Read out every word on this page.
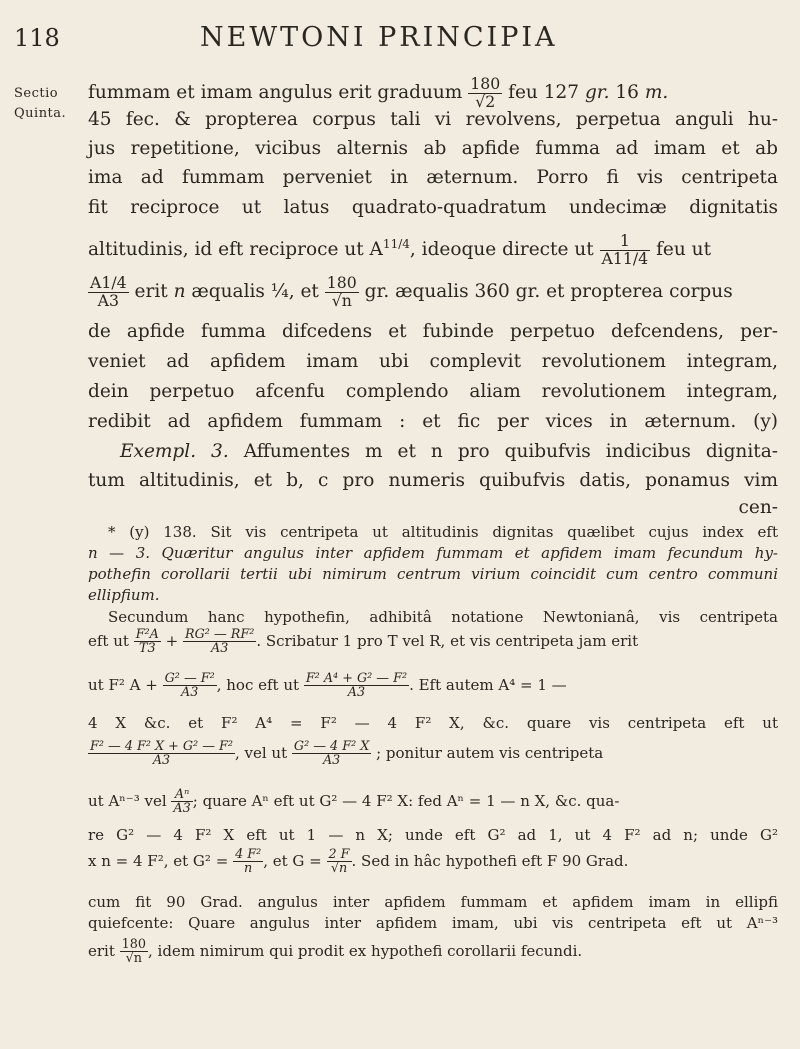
118	NEWTONI PRINCIPIA
Sectio
Quinta.
fummam et imam angulus erit graduum $\frac{180}{√2}$ feu 127 gr. 16 m.
45 fec. & propterea corpus tali vi revolvens, perpetua anguli hu-
jus repetitione, vicibus alternis ab apfide fumma ad imam et ab
ima ad fummam perveniet in æternum. Porro fi vis centripeta
fit reciproce ut latus quadrato-quadratum undecimæ dignitatis
altitudinis, id eft reciproce ut $A^{11/4}$, ideoque directe ut $\frac{1}{A11/4}$ feu ut
$\frac{A1/4}{A3}$ erit n æqualis ¼, et $\frac{180}{√n}$ gr. æqualis 360 gr. et propterea corpus
de apfide fumma difcedens et fubinde perpetuo defcendens, per-
veniet ad apfidem imam ubi complevit revolutionem integram,
dein perpetuo afcenfu complendo aliam revolutionem integram,
redibit ad apfidem fummam : et fic per vices in æternum. (y)
Exempl. 3. Affumentes m et n pro quibufvis indicibus dignita-
tum altitudinis, et b, c pro numeris quibufvis datis, ponamus vim
cen-
* (y) 138. Sit vis centripeta ut altitudinis dignitas quælibet cujus index eft
n — 3. Quæritur angulus inter apfidem fummam et apfidem imam fecundum hy-
pothefin corollarii tertii ubi nimirum centrum virium coincidit cum centro communi
ellipfium.
Secundum hanc hypothefin, adhibitâ notatione Newtonianâ, vis centripeta
eft ut $\frac{\text{F²A}}{T3} + \frac{\text{RG² — RF²}}{A3}$ . Scribatur 1 pro T vel R, et vis centripeta jam erit
ut F² $A + \frac{\text{G² — F²}}{A3}$ , hoc eft ut $\frac{\text{F² A⁴ + G² — F²}}{A3}$ . Eft autem A⁴ = 1 —
4 X &c. et F² A⁴ = F² — 4 F² X, &c. quare vis centripeta eft ut
$\frac{\text{F² — 4 F² X + G² — F²}}{A3}$ , vel ut $\frac{\text{G² — 4 F² X}}{A3}$ ; ponitur autem vis centripeta
ut Aⁿ⁻³ vel $\frac{\text{Aⁿ}}{A3}$ ; quare Aⁿ eft ut G² — 4 F² X: fed Aⁿ = 1 — n X, &c. qua-
re G² — 4 F² X eft ut 1 — n X; unde eft G² ad 1, ut 4 F² ad n; unde G²
x n = 4 F², et $G^2 = \frac{\text{4 F²}}{n}$ , et $G = \frac{2 F}{√n}$ . Sed in hâc hypothefi eft F 90 Grad.
cum fit 90 Grad. angulus inter apfidem fummam et apfidem imam in ellipfi
quiefcente: Quare angulus inter apfidem imam, ubi vis centripeta eft ut Aⁿ⁻³
erit $\frac{180}{√n}$ , idem nimirum qui prodit ex hypothefi corollarii fecundi.
